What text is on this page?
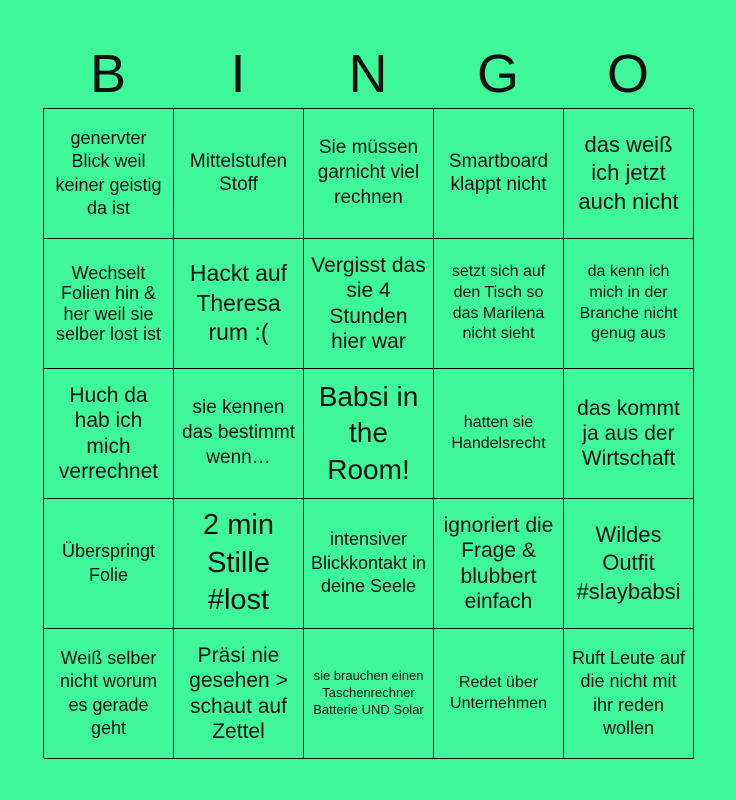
B	I	N	G	O
genervter Blick weil keiner geistig da ist
Mittelstufen Stoff
Sie müssen garnicht viel rechnen
Smartboard klappt nicht
das weiß ich jetzt auch nicht
Wechselt Folien hin & her weil sie selber lost ist
Hackt auf Theresa rum :(
Vergisst das sie 4 Stunden hier war
setzt sich auf den Tisch so das Marilena nicht sieht
da kenn ich mich in der Branche nicht genug aus
Huch da hab ich mich verrechnet
sie kennen das bestimmt wenn…
Babsi in the Room!
hatten sie Handelsrecht
das kommt ja aus der Wirtschaft
Überspringt Folie
2 min Stille #lost
intensiver Blickkontakt in deine Seele
ignoriert die Frage & blubbert einfach
Wildes Outfit #slaybabsi
Weiß selber nicht worum es gerade geht
Präsi nie gesehen > schaut auf Zettel
sie brauchen einen Taschenrechner Batterie UND Solar
Redet über Unternehmen
Ruft Leute auf die nicht mit ihr reden wollen
